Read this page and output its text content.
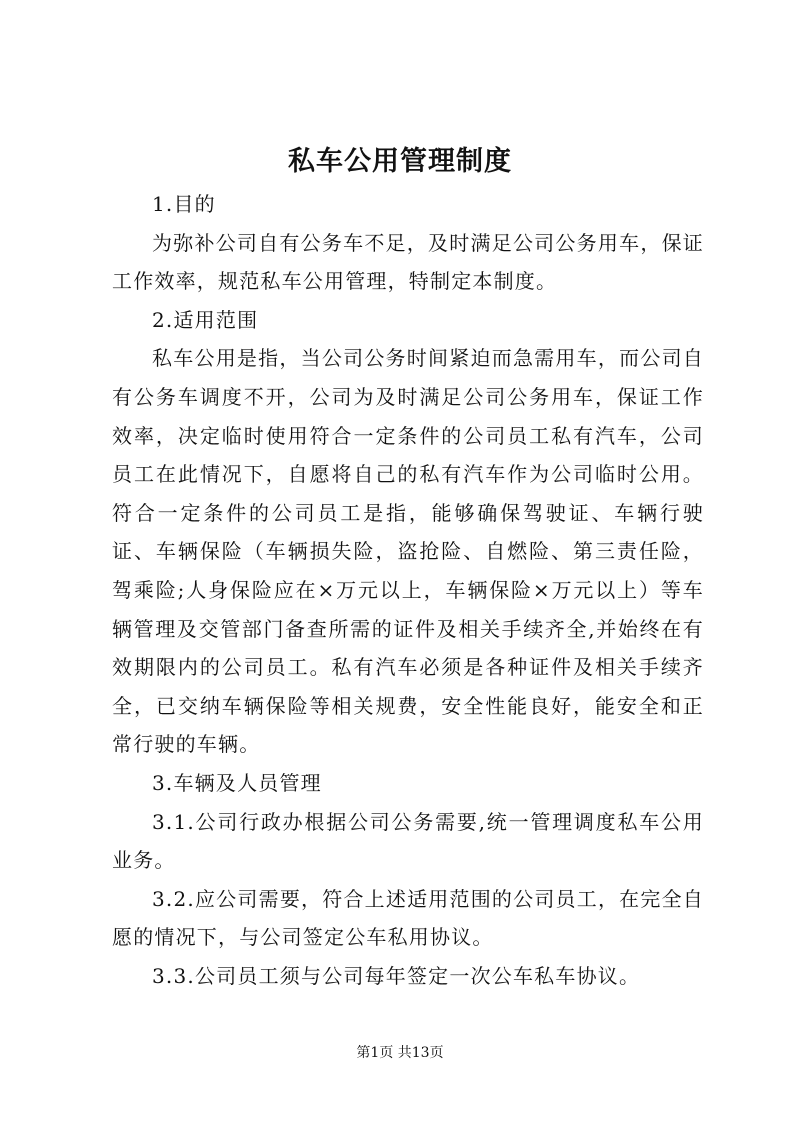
私车公用管理制度

1.目的

为弥补公司自有公务车不足，及时满足公司公务用车，保证工作效率，规范私车公用管理，特制定本制度。

2.适用范围

私车公用是指，当公司公务时间紧迫而急需用车，而公司自有公务车调度不开，公司为及时满足公司公务用车，保证工作效率，决定临时使用符合一定条件的公司员工私有汽车，公司员工在此情况下，自愿将自己的私有汽车作为公司临时公用。符合一定条件的公司员工是指，能够确保驾驶证、车辆行驶证、车辆保险（车辆损失险，盗抢险、自燃险、第三责任险，驾乘险;人身保险应在×万元以上，车辆保险×万元以上）等车辆管理及交管部门备查所需的证件及相关手续齐全,并始终在有效期限内的公司员工。私有汽车必须是各种证件及相关手续齐全，已交纳车辆保险等相关规费，安全性能良好，能安全和正常行驶的车辆。

3.车辆及人员管理

3.1.公司行政办根据公司公务需要,统一管理调度私车公用业务。

3.2.应公司需要，符合上述适用范围的公司员工，在完全自愿的情况下，与公司签定公车私用协议。

3.3.公司员工须与公司每年签定一次公车私车协议。

第1页 共13页
